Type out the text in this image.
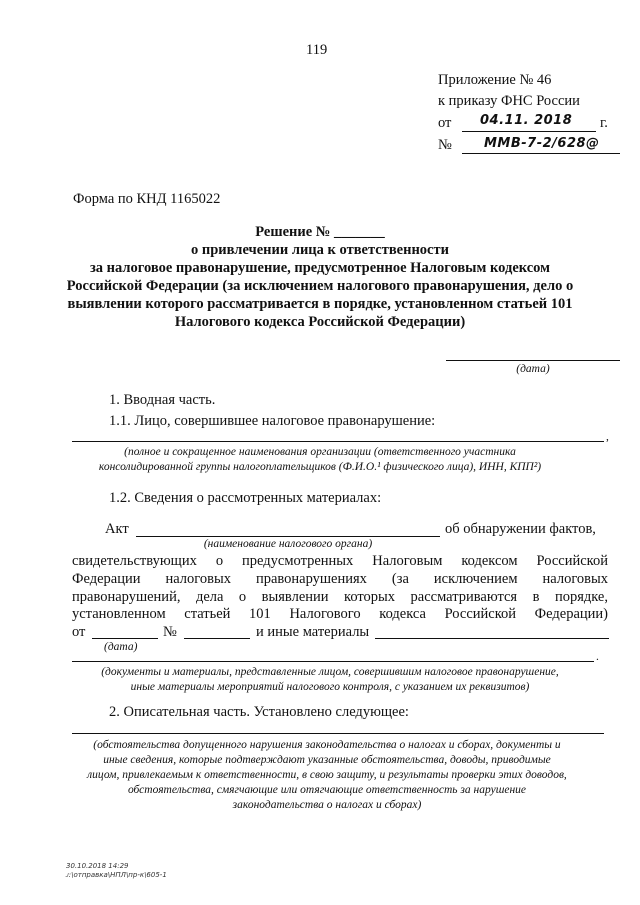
119
Приложение № 46
к приказу ФНС России
от 04.11. 2018 г.
№ ММВ-7-2/628@
Форма по КНД 1165022
Решение № _______
о привлечении лица к ответственности
за налоговое правонарушение, предусмотренное Налоговым кодексом
Российской Федерации (за исключением налогового правонарушения, дело о
выявлении которого рассматривается в порядке, установленном статьей 101
Налогового кодекса Российской Федерации)
(дата)
1. Вводная часть.
1.1. Лицо, совершившее налоговое правонарушение:
,
(полное и сокращенное наименования организации (ответственного участника
консолидированной группы налогоплательщиков (Ф.И.О.¹ физического лица), ИНН, КПП²)
1.2. Сведения о рассмотренных материалах:
Акт	об обнаружении фактов,
(наименование налогового органа)
свидетельствующих о предусмотренных Налоговым кодексом Российской
Федерации налоговых правонарушениях (за исключением налоговых
правонарушений, дела о выявлении которых рассматриваются в порядке,
установленном статьей 101 Налогового кодекса Российской Федерации)
от	№	и иные материалы
(дата)
.
(документы и материалы, представленные лицом, совершившим налоговое правонарушение,
иные материалы мероприятий налогового контроля, с указанием их реквизитов)
2. Описательная часть. Установлено следующее:
(обстоятельства допущенного нарушения законодательства о налогах и сборах, документы и
иные сведения, которые подтверждают указанные обстоятельства, доводы, приводимые
лицом, привлекаемым к ответственности, в свою защиту, и результаты проверки этих доводов,
обстоятельства, смягчающие или отягчающие ответственность за нарушение
законодательства о налогах и сборах)
30.10.2018 14:29
ᴊ:\отправка\НПЛ\пр-к\605-1
